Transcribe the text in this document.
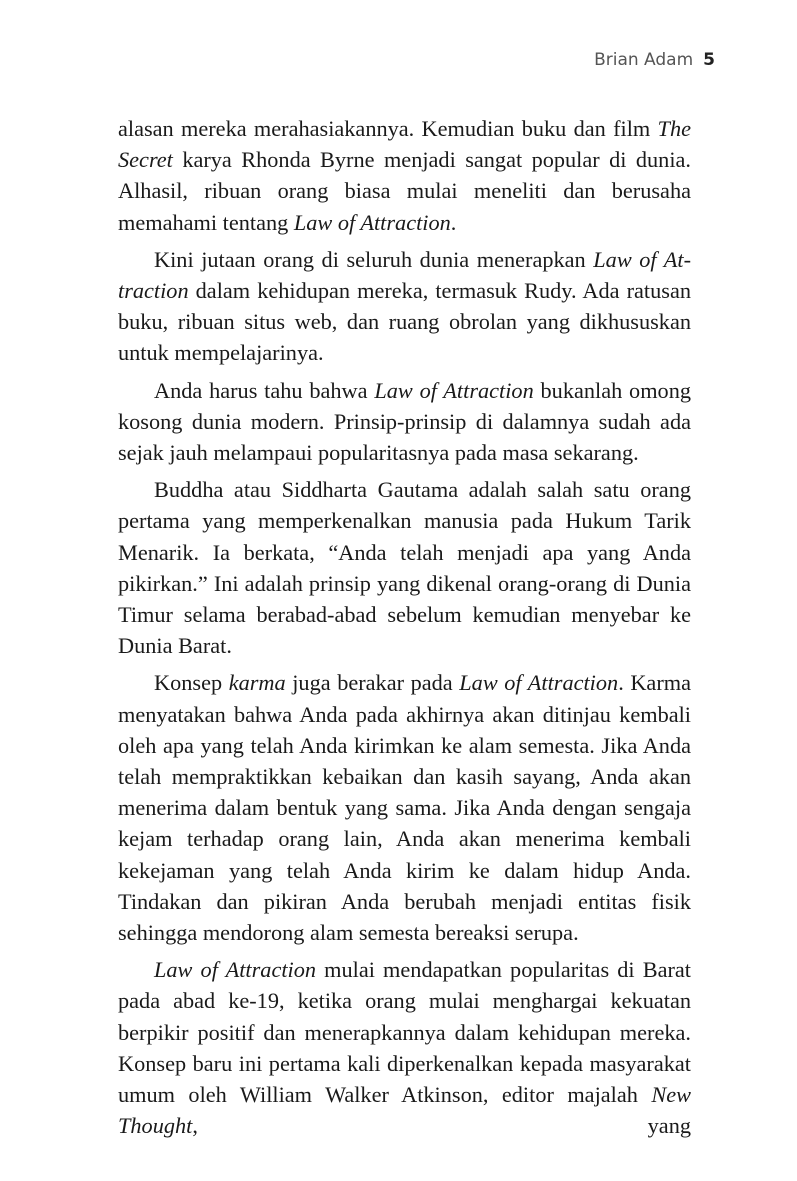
Brian Adam 5

alasan mereka merahasiakannya. Kemudian buku dan film The Secret karya Rhonda Byrne menjadi sangat popular di dunia. Alhasil, ribuan orang biasa mulai meneliti dan berusaha memahami tentang Law of Attraction.

Kini jutaan orang di seluruh dunia menerapkan Law of Attraction dalam kehidupan mereka, termasuk Rudy. Ada ratusan buku, ribuan situs web, dan ruang obrolan yang dikhususkan untuk mempelajarinya.

Anda harus tahu bahwa Law of Attraction bukanlah omong kosong dunia modern. Prinsip-prinsip di dalamnya sudah ada sejak jauh melampaui popularitasnya pada masa sekarang.

Buddha atau Siddharta Gautama adalah salah satu orang pertama yang memperkenalkan manusia pada Hukum Tarik Menarik. Ia berkata, “Anda telah menjadi apa yang Anda pikirkan.” Ini adalah prinsip yang dikenal orang-orang di Dunia Timur selama berabad-abad sebelum kemudian menyebar ke Dunia Barat.

Konsep karma juga berakar pada Law of Attraction. Karma menyatakan bahwa Anda pada akhirnya akan ditinjau kembali oleh apa yang telah Anda kirimkan ke alam semesta. Jika Anda telah mempraktikkan kebaikan dan kasih sayang, Anda akan menerima dalam bentuk yang sama. Jika Anda dengan sengaja kejam terhadap orang lain, Anda akan menerima kembali kekejaman yang telah Anda kirim ke dalam hidup Anda. Tindakan dan pikiran Anda berubah menjadi entitas fisik sehingga mendorong alam semesta bereaksi serupa.

Law of Attraction mulai mendapatkan popularitas di Barat pada abad ke-19, ketika orang mulai menghargai kekuatan berpikir positif dan menerapkannya dalam kehidupan mereka. Konsep baru ini pertama kali diperkenalkan kepada masyarakat umum oleh William Walker Atkinson, editor majalah New Thought, yang
